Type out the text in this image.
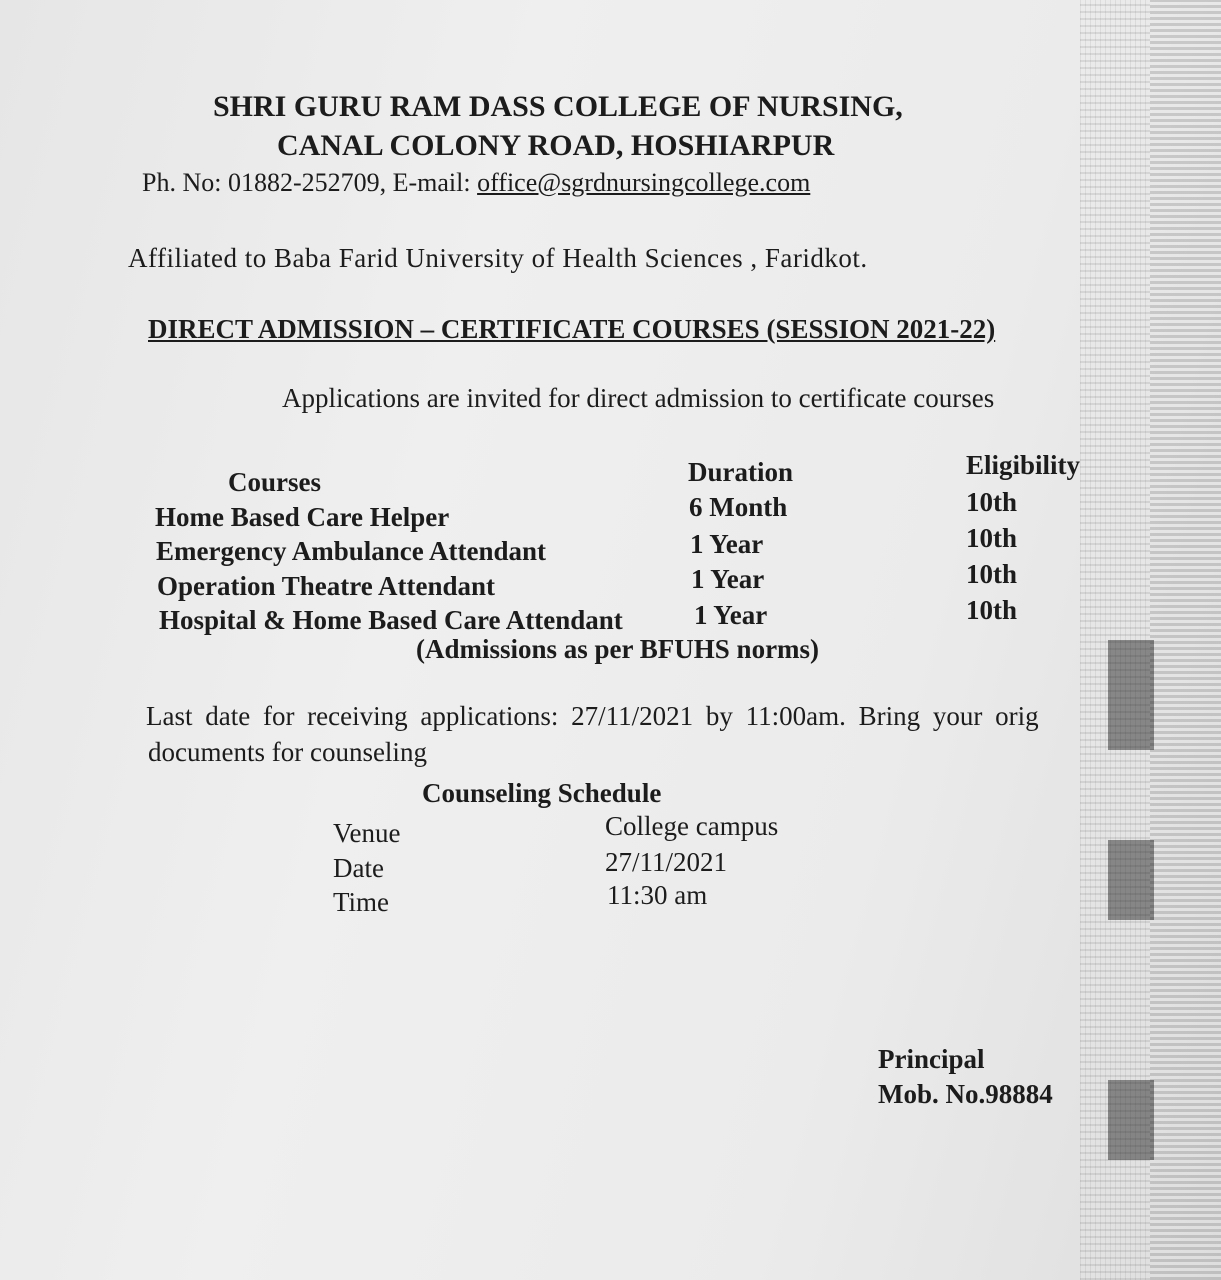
SHRI GURU RAM DASS COLLEGE OF NURSING,
CANAL COLONY ROAD, HOSHIARPUR
Ph. No: 01882-252709, E-mail: office@sgrdnursingcollege.com
Affiliated to Baba Farid University of Health Sciences , Faridkot.
DIRECT ADMISSION – CERTIFICATE COURSES (SESSION 2021-22)
Applications are invited for direct admission to certificate courses
Courses	Duration	Eligibility
Home Based Care Helper	6 Month	10th
Emergency Ambulance Attendant	1 Year	10th
Operation Theatre Attendant	1 Year	10th
Hospital & Home Based Care Attendant	1 Year	10th
(Admissions as per BFUHS norms)
Last date for receiving applications: 27/11/2021 by 11:00am. Bring your orig
documents for counseling
Counseling Schedule
Venue	College campus
Date	27/11/2021
Time	11:30 am
Principal
Mob. No.98884
